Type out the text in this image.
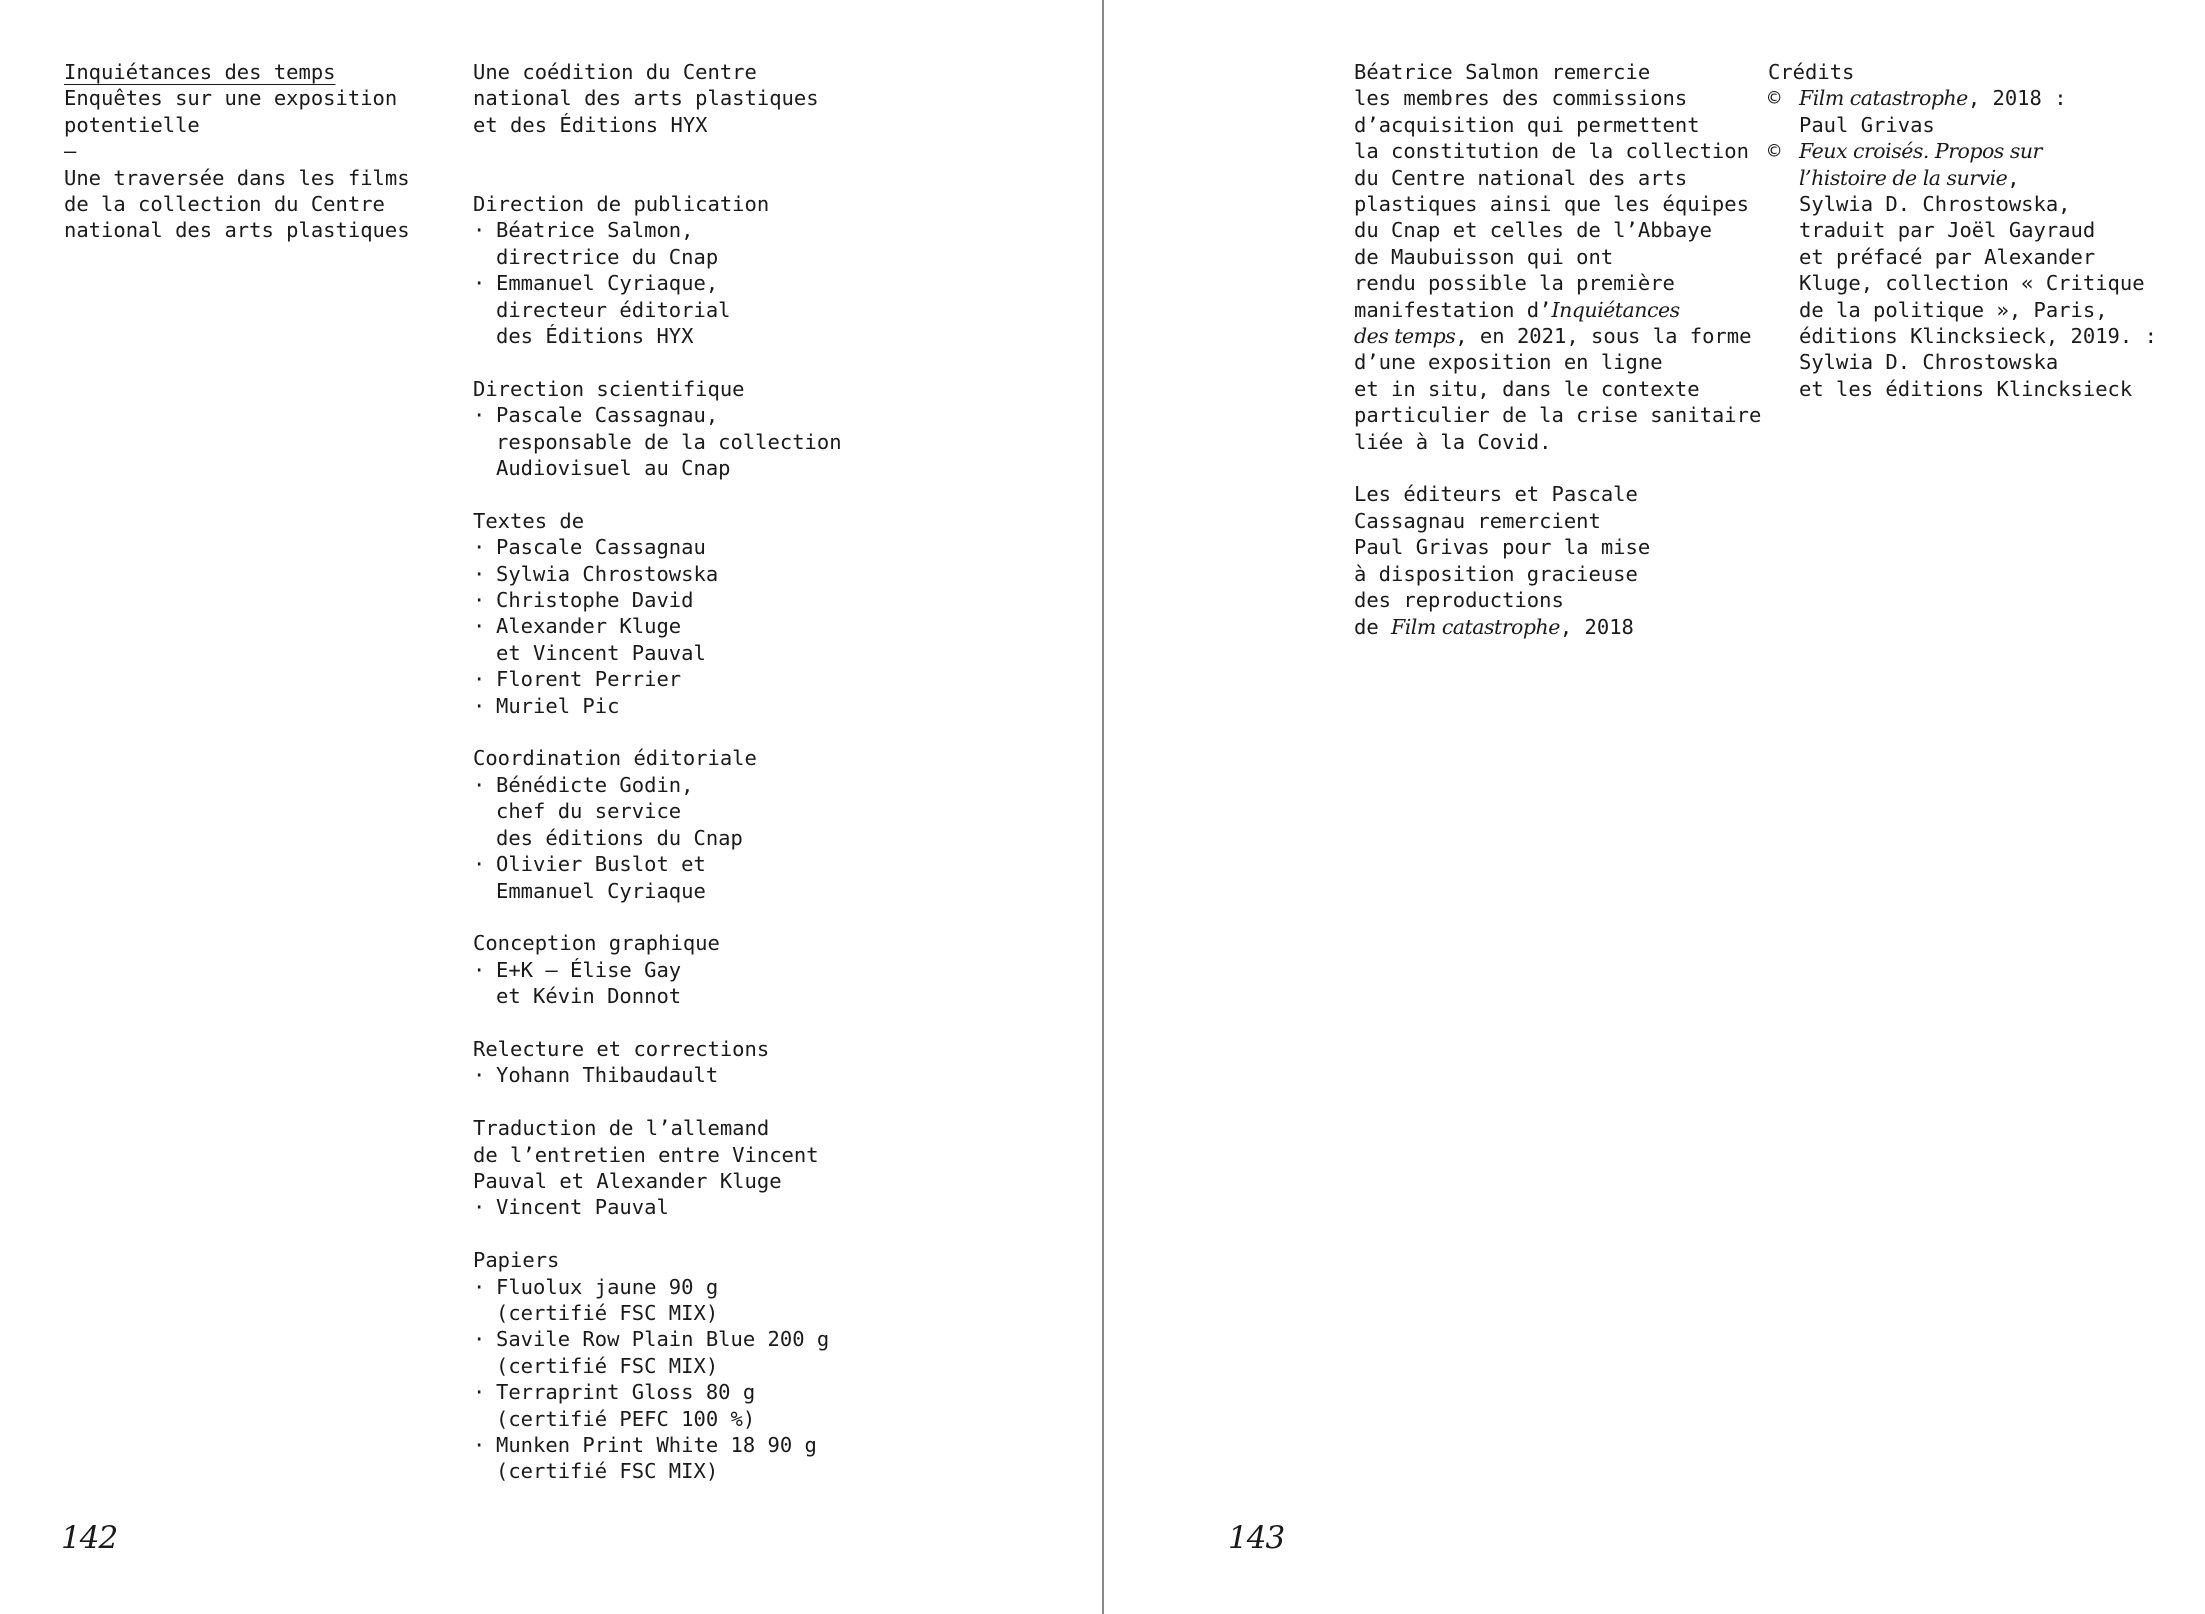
Inquiétances des temps
Enquêtes sur une exposition
potentielle
–
Une traversée dans les films
de la collection du Centre
national des arts plastiques
Une coédition du Centre
national des arts plastiques
et des Éditions HYX
Direction de publication
· Béatrice Salmon,
directrice du Cnap
· Emmanuel Cyriaque,
directeur éditorial
des Éditions HYX
Direction scientifique
· Pascale Cassagnau,
responsable de la collection
Audiovisuel au Cnap
Textes de
· Pascale Cassagnau
· Sylwia Chrostowska
· Christophe David
· Alexander Kluge
et Vincent Pauval
· Florent Perrier
· Muriel Pic
Coordination éditoriale
· Bénédicte Godin,
chef du service
des éditions du Cnap
· Olivier Buslot et
Emmanuel Cyriaque
Conception graphique
· E+K – Élise Gay
et Kévin Donnot
Relecture et corrections
· Yohann Thibaudault
Traduction de l’allemand
de l’entretien entre Vincent
Pauval et Alexander Kluge
· Vincent Pauval
Papiers
· Fluolux jaune 90 g
(certifié FSC MIX)
· Savile Row Plain Blue 200 g
(certifié FSC MIX)
· Terraprint Gloss 80 g
(certifié PEFC 100 %)
· Munken Print White 18 90 g
(certifié FSC MIX)
142
Béatrice Salmon remercie
les membres des commissions
d’acquisition qui permettent
la constitution de la collection
du Centre national des arts
plastiques ainsi que les équipes
du Cnap et celles de l’Abbaye
de Maubuisson qui ont
rendu possible la première
manifestation d’Inquiétances
des temps, en 2021, sous la forme
d’une exposition en ligne
et in situ, dans le contexte
particulier de la crise sanitaire
liée à la Covid.
Les éditeurs et Pascale
Cassagnau remercient
Paul Grivas pour la mise
à disposition gracieuse
des reproductions
de Film catastrophe, 2018
Crédits
© Film catastrophe, 2018 :
Paul Grivas
© Feux croisés. Propos sur
l’histoire de la survie,
Sylwia D. Chrostowska,
traduit par Joël Gayraud
et préfacé par Alexander
Kluge, collection « Critique
de la politique », Paris,
éditions Klincksieck, 2019. :
Sylwia D. Chrostowska
et les éditions Klincksieck
143
